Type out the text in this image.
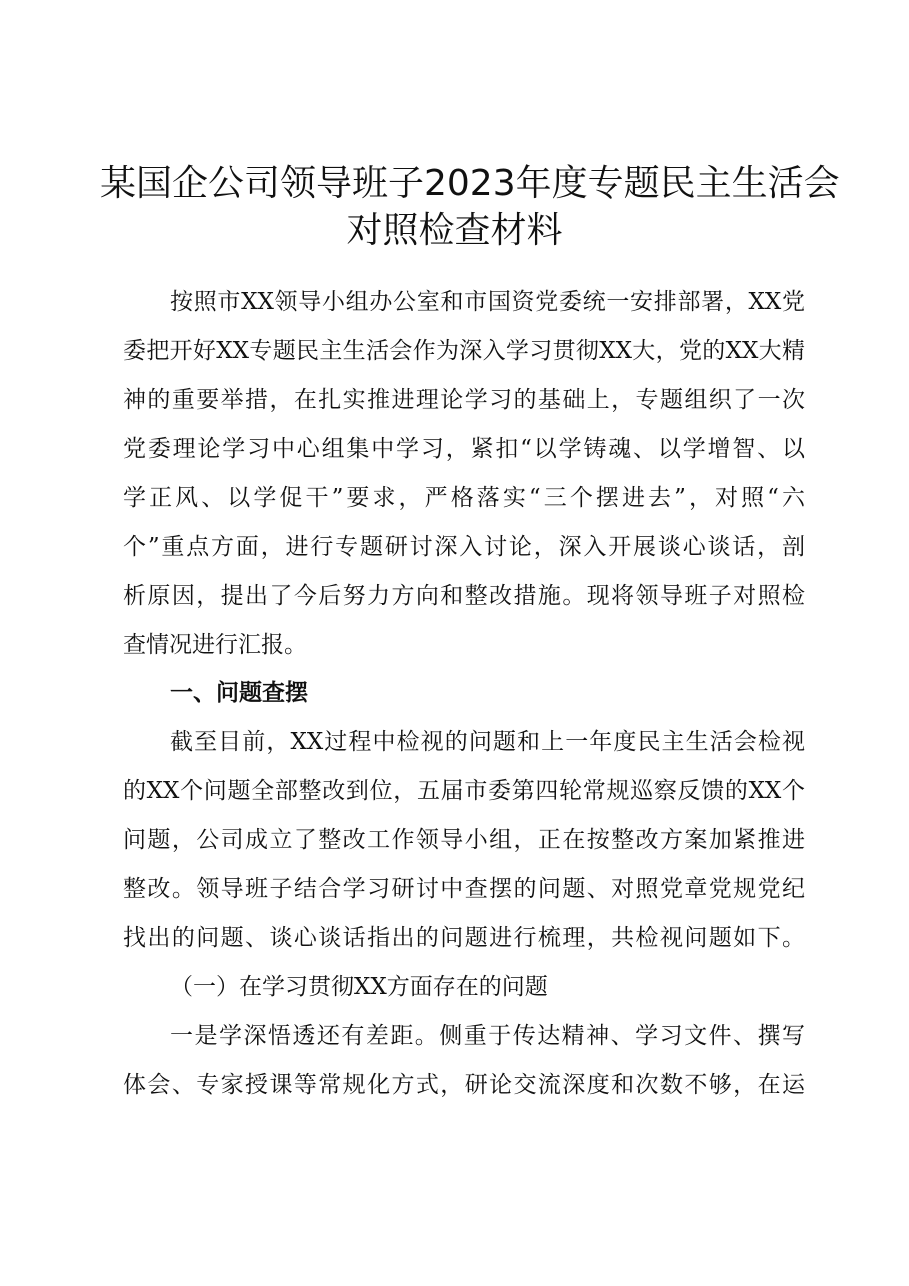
某国企公司领导班子2023年度专题民主生活会
对照检查材料
按照市XX领导小组办公室和市国资党委统一安排部署，XX党
委把开好XX专题民主生活会作为深入学习贯彻XX大，党的XX大精
神的重要举措，在扎实推进理论学习的基础上，专题组织了一次
党委理论学习中心组集中学习，紧扣“以学铸魂、以学增智、以
学正风、以学促干”要求，严格落实“三个摆进去”，对照“六
个”重点方面，进行专题研讨深入讨论，深入开展谈心谈话，剖
析原因，提出了今后努力方向和整改措施。现将领导班子对照检
查情况进行汇报。
一、问题查摆
截至目前，XX过程中检视的问题和上一年度民主生活会检视
的XX个问题全部整改到位，五届市委第四轮常规巡察反馈的XX个
问题，公司成立了整改工作领导小组，正在按整改方案加紧推进
整改。领导班子结合学习研讨中查摆的问题、对照党章党规党纪
找出的问题、谈心谈话指出的问题进行梳理，共检视问题如下。
（一）在学习贯彻XX方面存在的问题
一是学深悟透还有差距。侧重于传达精神、学习文件、撰写
体会、专家授课等常规化方式，研论交流深度和次数不够，在运
